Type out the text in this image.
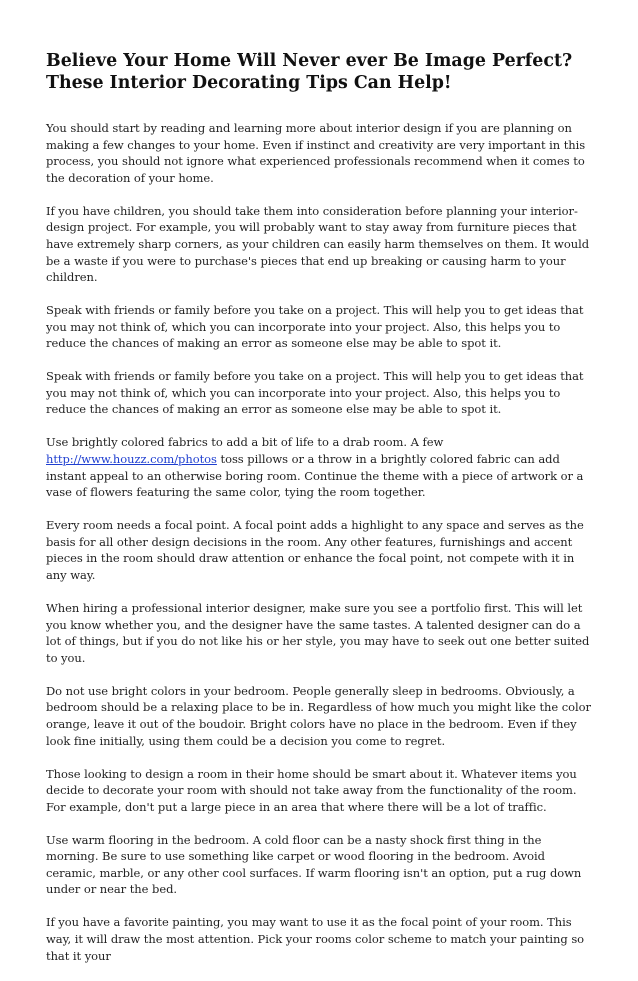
Believe Your Home Will Never ever Be Image Perfect? These Interior Decorating Tips Can Help!

You should start by reading and learning more about interior design if you are planning on making a few changes to your home. Even if instinct and creativity are very important in this process, you should not ignore what experienced professionals recommend when it comes to the decoration of your home.

If you have children, you should take them into consideration before planning your interior-design project. For example, you will probably want to stay away from furniture pieces that have extremely sharp corners, as your children can easily harm themselves on them. It would be a waste if you were to purchase's pieces that end up breaking or causing harm to your children.

Speak with friends or family before you take on a project. This will help you to get ideas that you may not think of, which you can incorporate into your project. Also, this helps you to reduce the chances of making an error as someone else may be able to spot it.

Speak with friends or family before you take on a project. This will help you to get ideas that you may not think of, which you can incorporate into your project. Also, this helps you to reduce the chances of making an error as someone else may be able to spot it.

Use brightly colored fabrics to add a bit of life to a drab room. A few http://www.houzz.com/photos toss pillows or a throw in a brightly colored fabric can add instant appeal to an otherwise boring room. Continue the theme with a piece of artwork or a vase of flowers featuring the same color, tying the room together.

Every room needs a focal point. A focal point adds a highlight to any space and serves as the basis for all other design decisions in the room. Any other features, furnishings and accent pieces in the room should draw attention or enhance the focal point, not compete with it in any way.

When hiring a professional interior designer, make sure you see a portfolio first. This will let you know whether you, and the designer have the same tastes. A talented designer can do a lot of things, but if you do not like his or her style, you may have to seek out one better suited to you.

Do not use bright colors in your bedroom. People generally sleep in bedrooms. Obviously, a bedroom should be a relaxing place to be in. Regardless of how much you might like the color orange, leave it out of the boudoir. Bright colors have no place in the bedroom. Even if they look fine initially, using them could be a decision you come to regret.

Those looking to design a room in their home should be smart about it. Whatever items you decide to decorate your room with should not take away from the functionality of the room. For example, don't put a large piece in an area that where there will be a lot of traffic.

Use warm flooring in the bedroom. A cold floor can be a nasty shock first thing in the morning. Be sure to use something like carpet or wood flooring in the bedroom. Avoid ceramic, marble, or any other cool surfaces. If warm flooring isn't an option, put a rug down under or near the bed.

If you have a favorite painting, you may want to use it as the focal point of your room. This way, it will draw the most attention. Pick your rooms color scheme to match your painting so that it your
